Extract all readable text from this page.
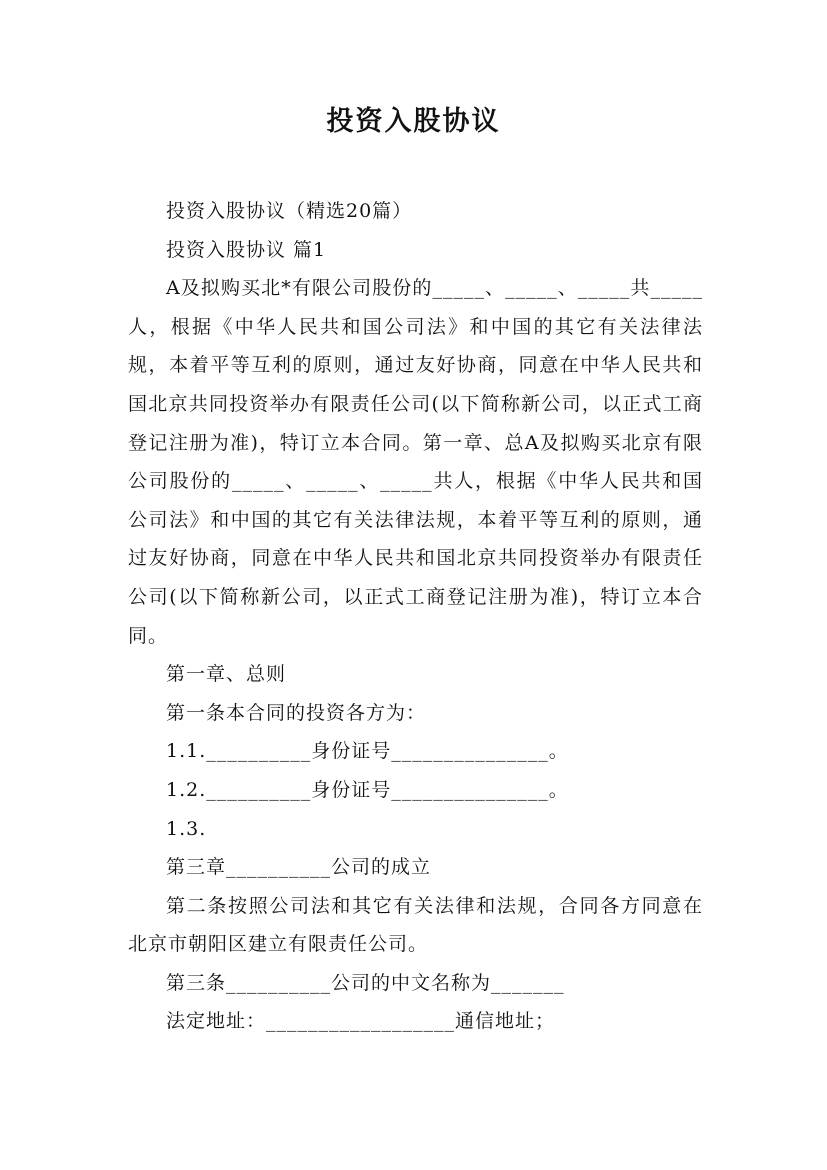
投资入股协议

投资入股协议（精选20篇）

投资入股协议 篇1

A及拟购买北*有限公司股份的_____、_____、_____共_____人，根据《中华人民共和国公司法》和中国的其它有关法律法规，本着平等互利的原则，通过友好协商，同意在中华人民共和国北京共同投资举办有限责任公司(以下简称新公司，以正式工商登记注册为准)，特订立本合同。第一章、总A及拟购买北京有限公司股份的_____、_____、_____共人，根据《中华人民共和国公司法》和中国的其它有关法律法规，本着平等互利的原则，通过友好协商，同意在中华人民共和国北京共同投资举办有限责任公司(以下简称新公司，以正式工商登记注册为准)，特订立本合同。

第一章、总则

第一条本合同的投资各方为：

1.1.__________身份证号_______________。

1.2.__________身份证号_______________。

1.3.

第三章__________公司的成立

第二条按照公司法和其它有关法律和法规，合同各方同意在北京市朝阳区建立有限责任公司。

第三条__________公司的中文名称为_______

法定地址：__________________通信地址；
